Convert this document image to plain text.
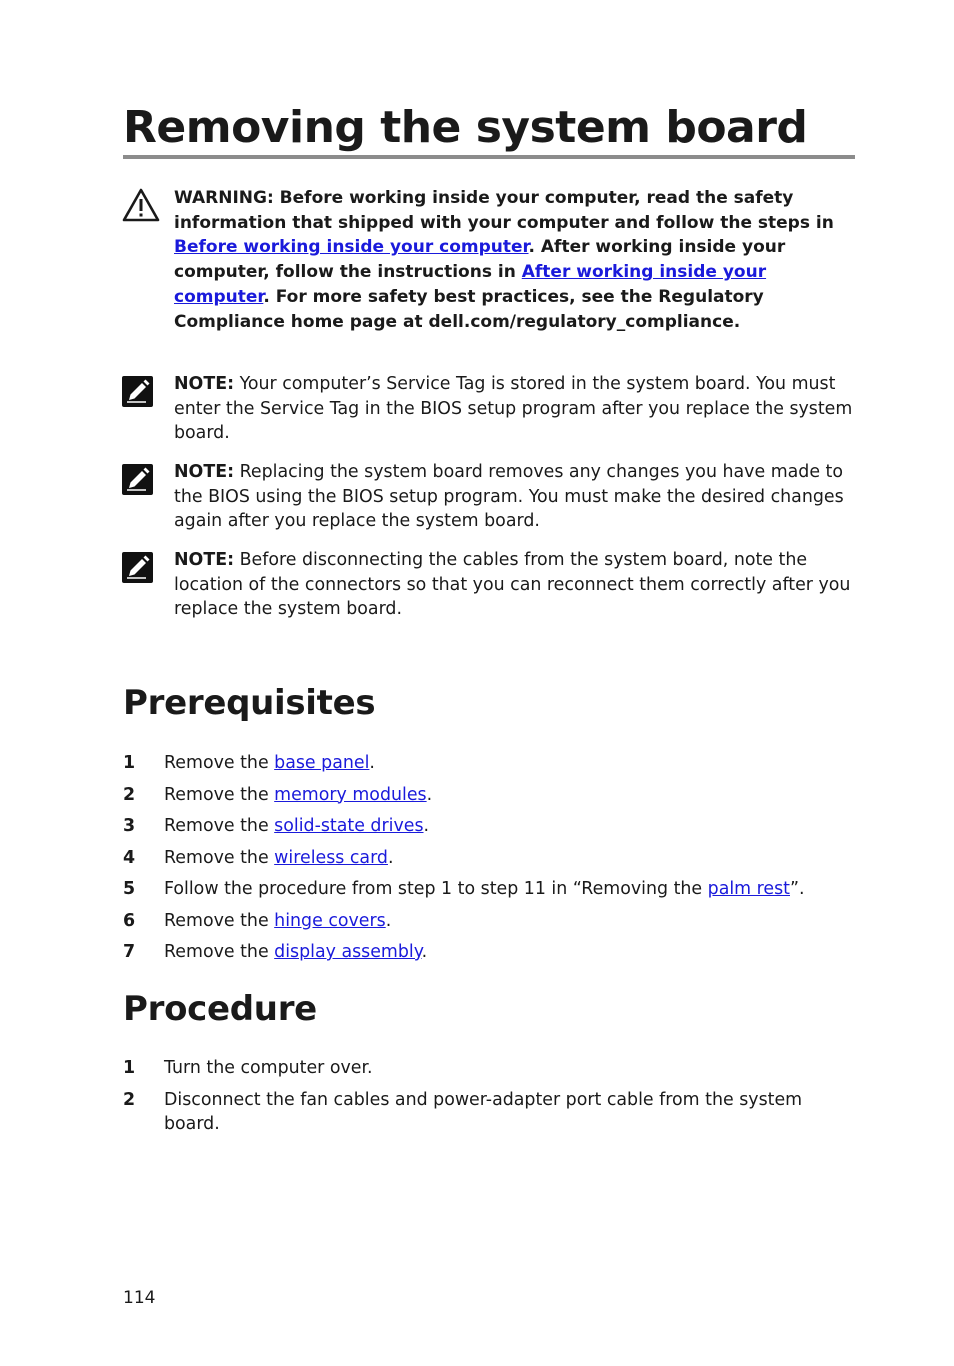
Removing the system board

WARNING: Before working inside your computer, read the safety information that shipped with your computer and follow the steps in Before working inside your computer. After working inside your computer, follow the instructions in After working inside your computer. For more safety best practices, see the Regulatory Compliance home page at dell.com/regulatory_compliance.

NOTE: Your computer’s Service Tag is stored in the system board. You must enter the Service Tag in the BIOS setup program after you replace the system board.

NOTE: Replacing the system board removes any changes you have made to the BIOS using the BIOS setup program. You must make the desired changes again after you replace the system board.

NOTE: Before disconnecting the cables from the system board, note the location of the connectors so that you can reconnect them correctly after you replace the system board.

Prerequisites
1 Remove the base panel.
2 Remove the memory modules.
3 Remove the solid-state drives.
4 Remove the wireless card.
5 Follow the procedure from step 1 to step 11 in “Removing the palm rest”.
6 Remove the hinge covers.
7 Remove the display assembly.
Procedure
1 Turn the computer over.
2 Disconnect the fan cables and power-adapter port cable from the system board.
114
